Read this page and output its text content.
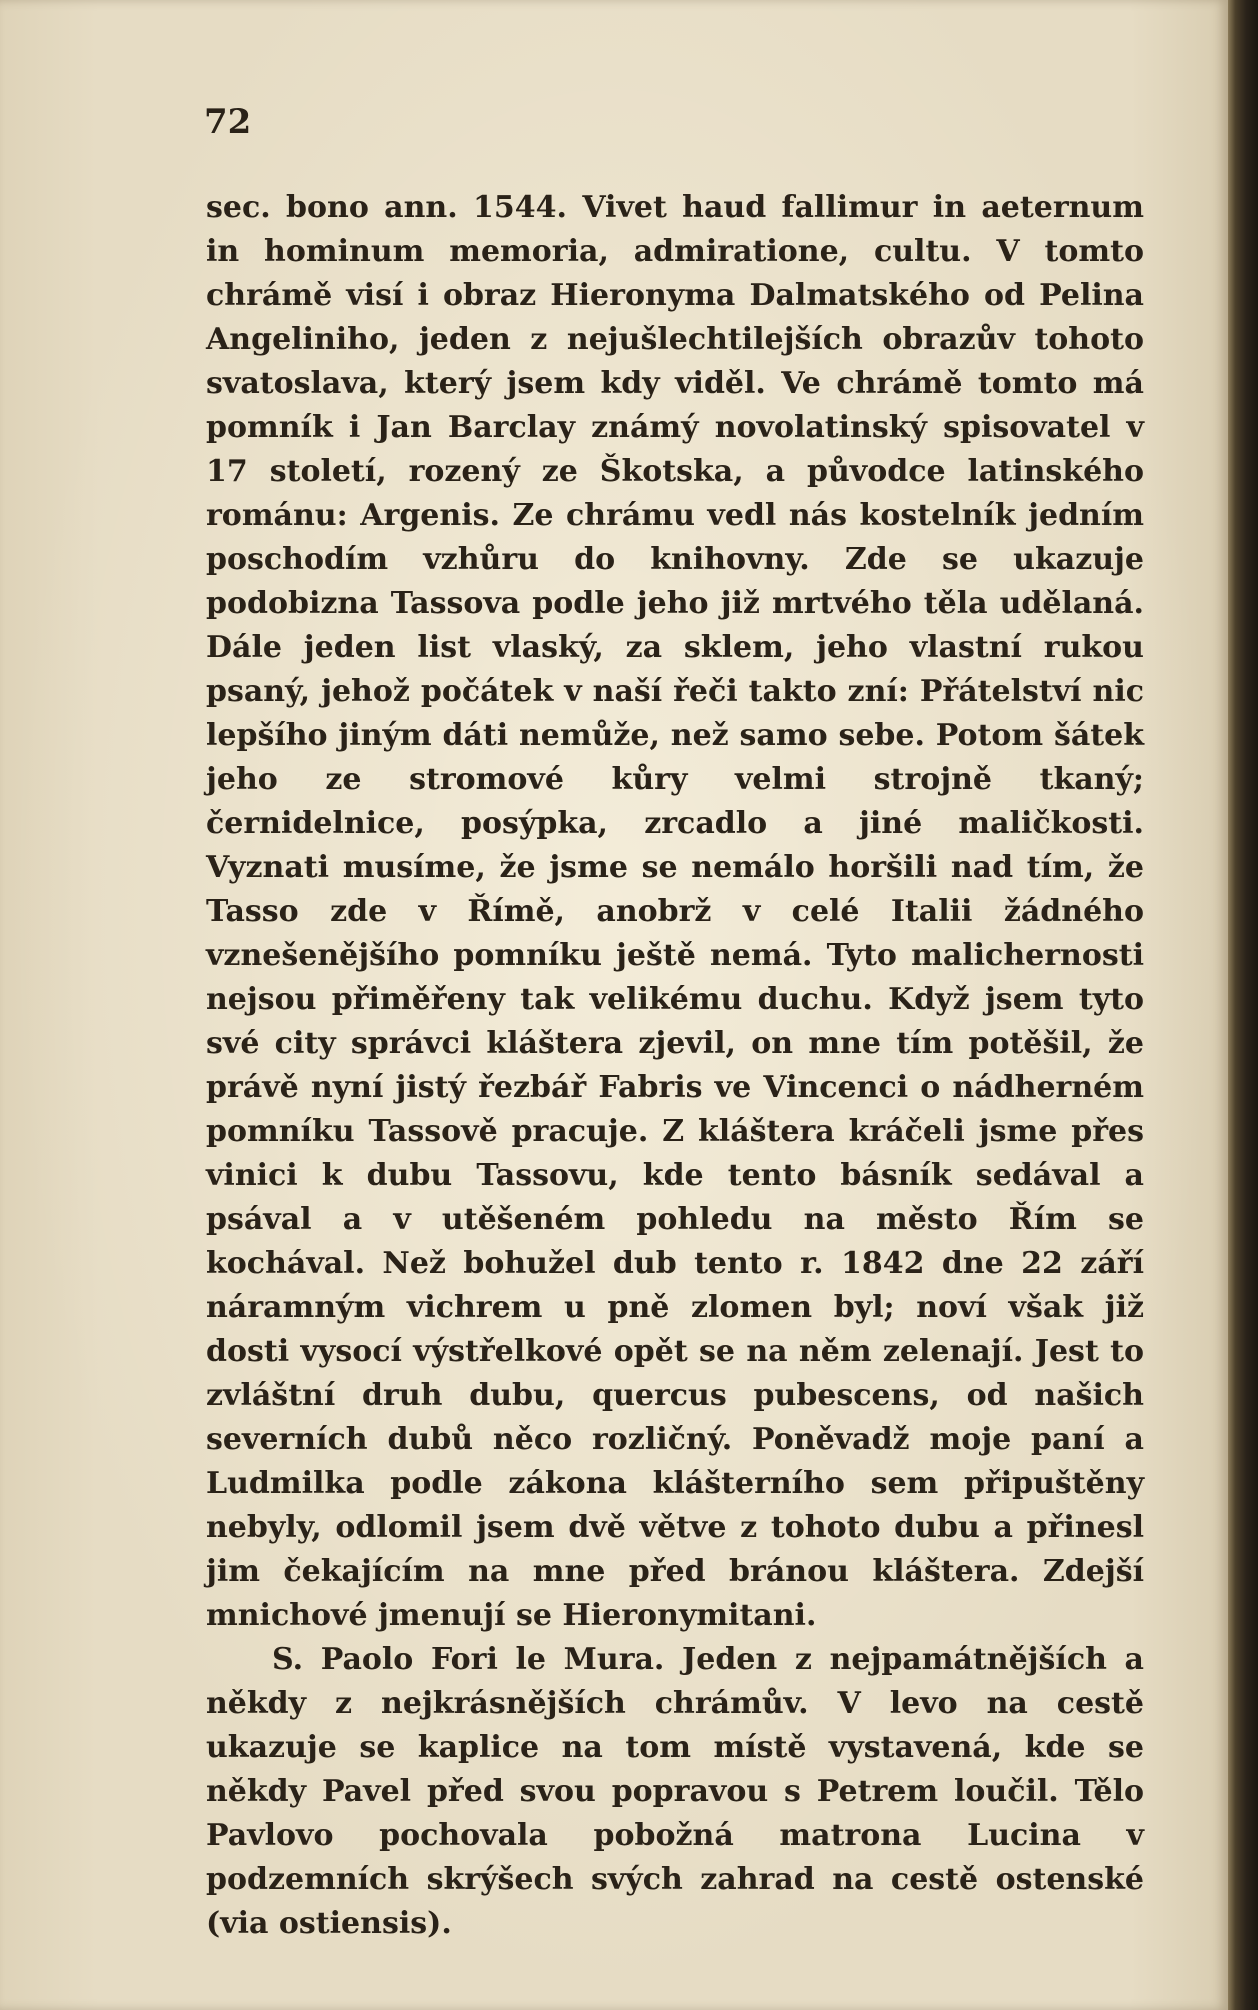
72

sec. bono ann. 1544. Vivet haud fallimur in aeternum in hominum memoria, admiratione, cultu. V tomto chrámě visí i obraz Hieronyma Dalmatského od Pelina Angeliniho, jeden z nejušlechtilejších obrazův tohoto svatoslava, který jsem kdy viděl. Ve chrámě tomto má pomník i Jan Barclay známý novolatinský spisovatel v 17 století, rozený ze Škotska, a původce latinského románu: Argenis. Ze chrámu vedl nás kostelník jedním poschodím vzhůru do knihovny. Zde se ukazuje podobizna Tassova podle jeho již mrtvého těla udělaná. Dále jeden list vlaský, za sklem, jeho vlastní rukou psaný, jehož počátek v naší řeči takto zní: Přátelství nic lepšího jiným dáti nemůže, než samo sebe. Potom šátek jeho ze stromové kůry velmi strojně tkaný; černidelnice, posýpka, zrcadlo a jiné maličkosti. Vyznati musíme, že jsme se nemálo horšili nad tím, že Tasso zde v Římě, anobrž v celé Italii žádného vznešenějšího pomníku ještě nemá. Tyto malichernosti nejsou přiměřeny tak velikému duchu. Když jsem tyto své city správci kláštera zjevil, on mne tím potěšil, že právě nyní jistý řezbář Fabris ve Vincenci o nádherném pomníku Tassově pracuje. Z kláštera kráčeli jsme přes vinici k dubu Tassovu, kde tento básník sedával a psával a v utěšeném pohledu na město Řím se kochával. Než bohužel dub tento r. 1842 dne 22 září náramným vichrem u pně zlomen byl; noví však již dosti vysocí výstřelkové opět se na něm zelenají. Jest to zvláštní druh dubu, quercus pubescens, od našich severních dubů něco rozličný. Poněvadž moje paní a Ludmilka podle zákona klášterního sem připuštěny nebyly, odlomil jsem dvě větve z tohoto dubu a přinesl jim čekajícím na mne před bránou kláštera. Zdejší mnichové jmenují se Hieronymitani.

S. Paolo Fori le Mura. Jeden z nejpamátnějších a někdy z nejkrásnějších chrámův. V levo na cestě ukazuje se kaplice na tom místě vystavená, kde se někdy Pavel před svou popravou s Petrem loučil. Tělo Pavlovo pochovala pobožná matrona Lucina v podzemních skrýšech svých zahrad na cestě ostenské (via ostiensis).
